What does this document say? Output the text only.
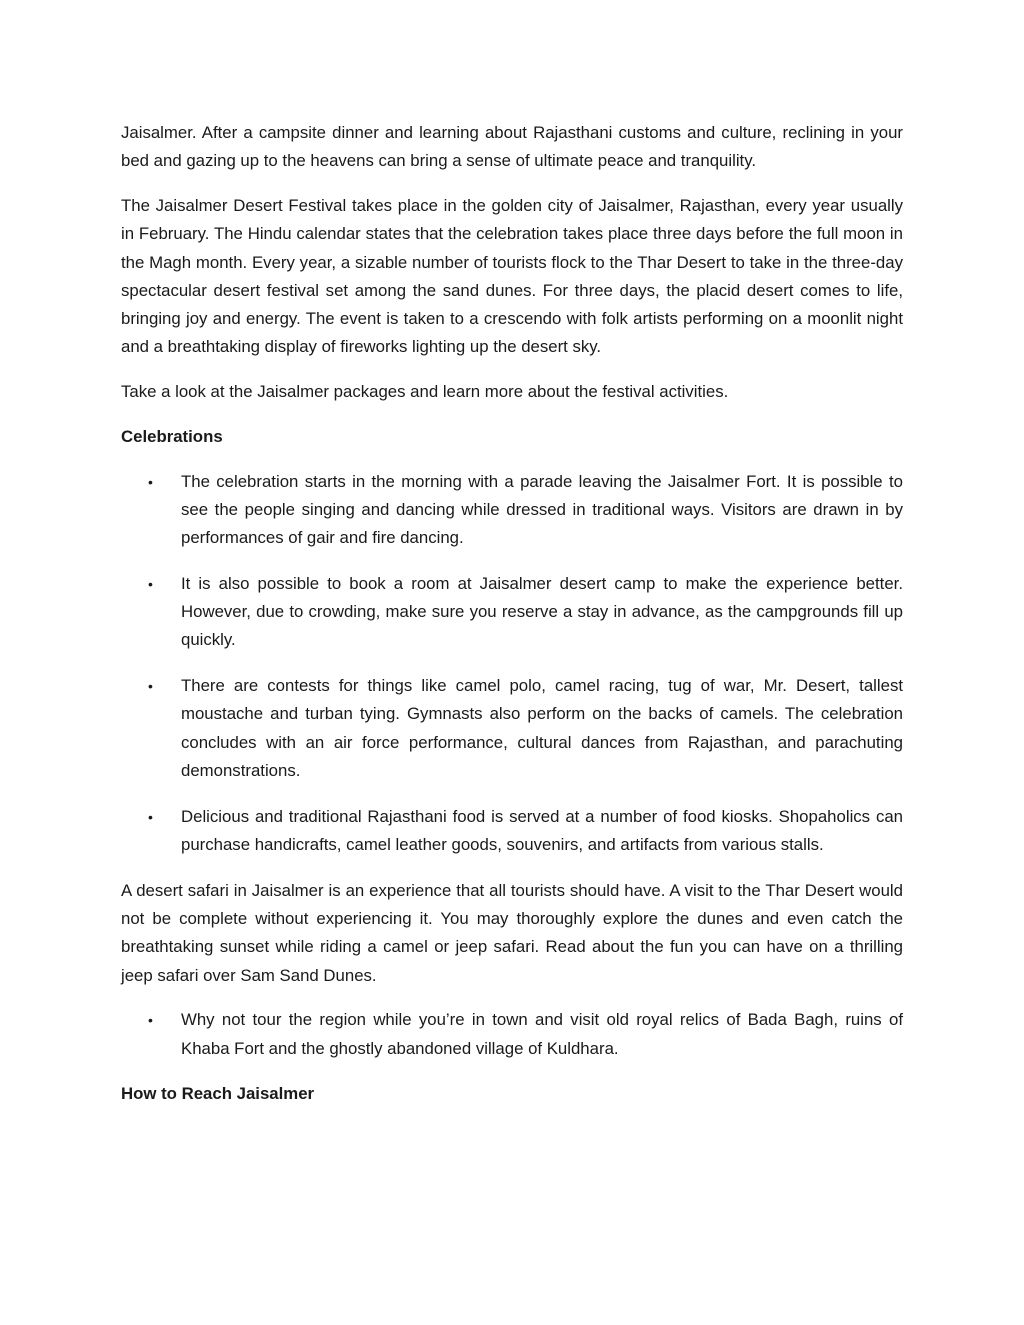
Jaisalmer. After a campsite dinner and learning about Rajasthani customs and culture, reclining in your bed and gazing up to the heavens can bring a sense of ultimate peace and tranquility.

The Jaisalmer Desert Festival takes place in the golden city of Jaisalmer, Rajasthan, every year usually in February. The Hindu calendar states that the celebration takes place three days before the full moon in the Magh month. Every year, a sizable number of tourists flock to the Thar Desert to take in the three-day spectacular desert festival set among the sand dunes. For three days, the placid desert comes to life, bringing joy and energy. The event is taken to a crescendo with folk artists performing on a moonlit night and a breathtaking display of fireworks lighting up the desert sky.

Take a look at the Jaisalmer packages and learn more about the festival activities.

Celebrations
• The celebration starts in the morning with a parade leaving the Jaisalmer Fort. It is possible to see the people singing and dancing while dressed in traditional ways. Visitors are drawn in by performances of gair and fire dancing.
• It is also possible to book a room at Jaisalmer desert camp to make the experience better. However, due to crowding, make sure you reserve a stay in advance, as the campgrounds fill up quickly.
• There are contests for things like camel polo, camel racing, tug of war, Mr. Desert, tallest moustache and turban tying. Gymnasts also perform on the backs of camels. The celebration concludes with an air force performance, cultural dances from Rajasthan, and parachuting demonstrations.
• Delicious and traditional Rajasthani food is served at a number of food kiosks. Shopaholics can purchase handicrafts, camel leather goods, souvenirs, and artifacts from various stalls.

A desert safari in Jaisalmer is an experience that all tourists should have. A visit to the Thar Desert would not be complete without experiencing it. You may thoroughly explore the dunes and even catch the breathtaking sunset while riding a camel or jeep safari. Read about the fun you can have on a thrilling jeep safari over Sam Sand Dunes.

• Why not tour the region while you’re in town and visit old royal relics of Bada Bagh, ruins of Khaba Fort and the ghostly abandoned village of Kuldhara.
How to Reach Jaisalmer
